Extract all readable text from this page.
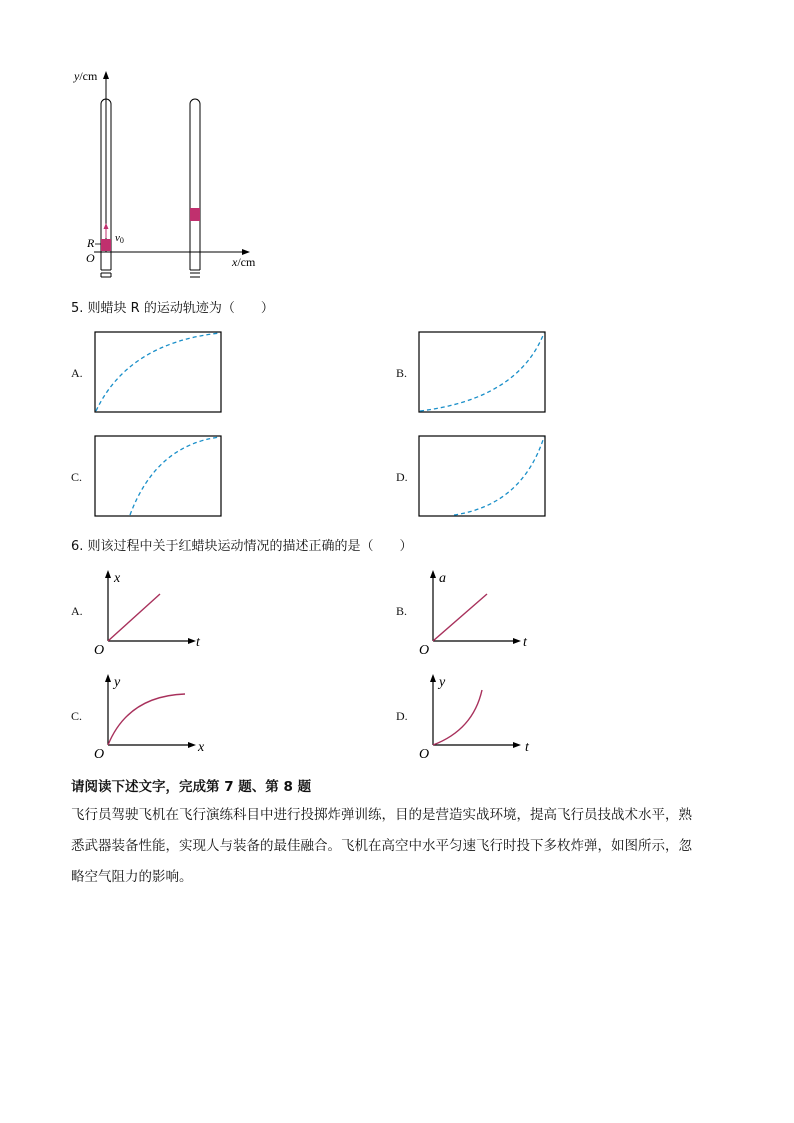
y/cm
x/cm
O
R v0
5. 则蜡块 R 的运动轨迹为（　　）
A.	B.
C.	D.
6. 则该过程中关于红蜡块运动情况的描述正确的是（　　）
A.
x
t
O
B.
a
t
O
C.
y
x
O
D.
y
t
O
请阅读下述文字，完成第 7 题、第 8 题
飞行员驾驶飞机在飞行演练科目中进行投掷炸弹训练，目的是营造实战环境，提高飞行员技战术水平，熟
悉武器装备性能，实现人与装备的最佳融合。飞机在高空中水平匀速飞行时投下多枚炸弹，如图所示，忽
略空气阻力的影响。
